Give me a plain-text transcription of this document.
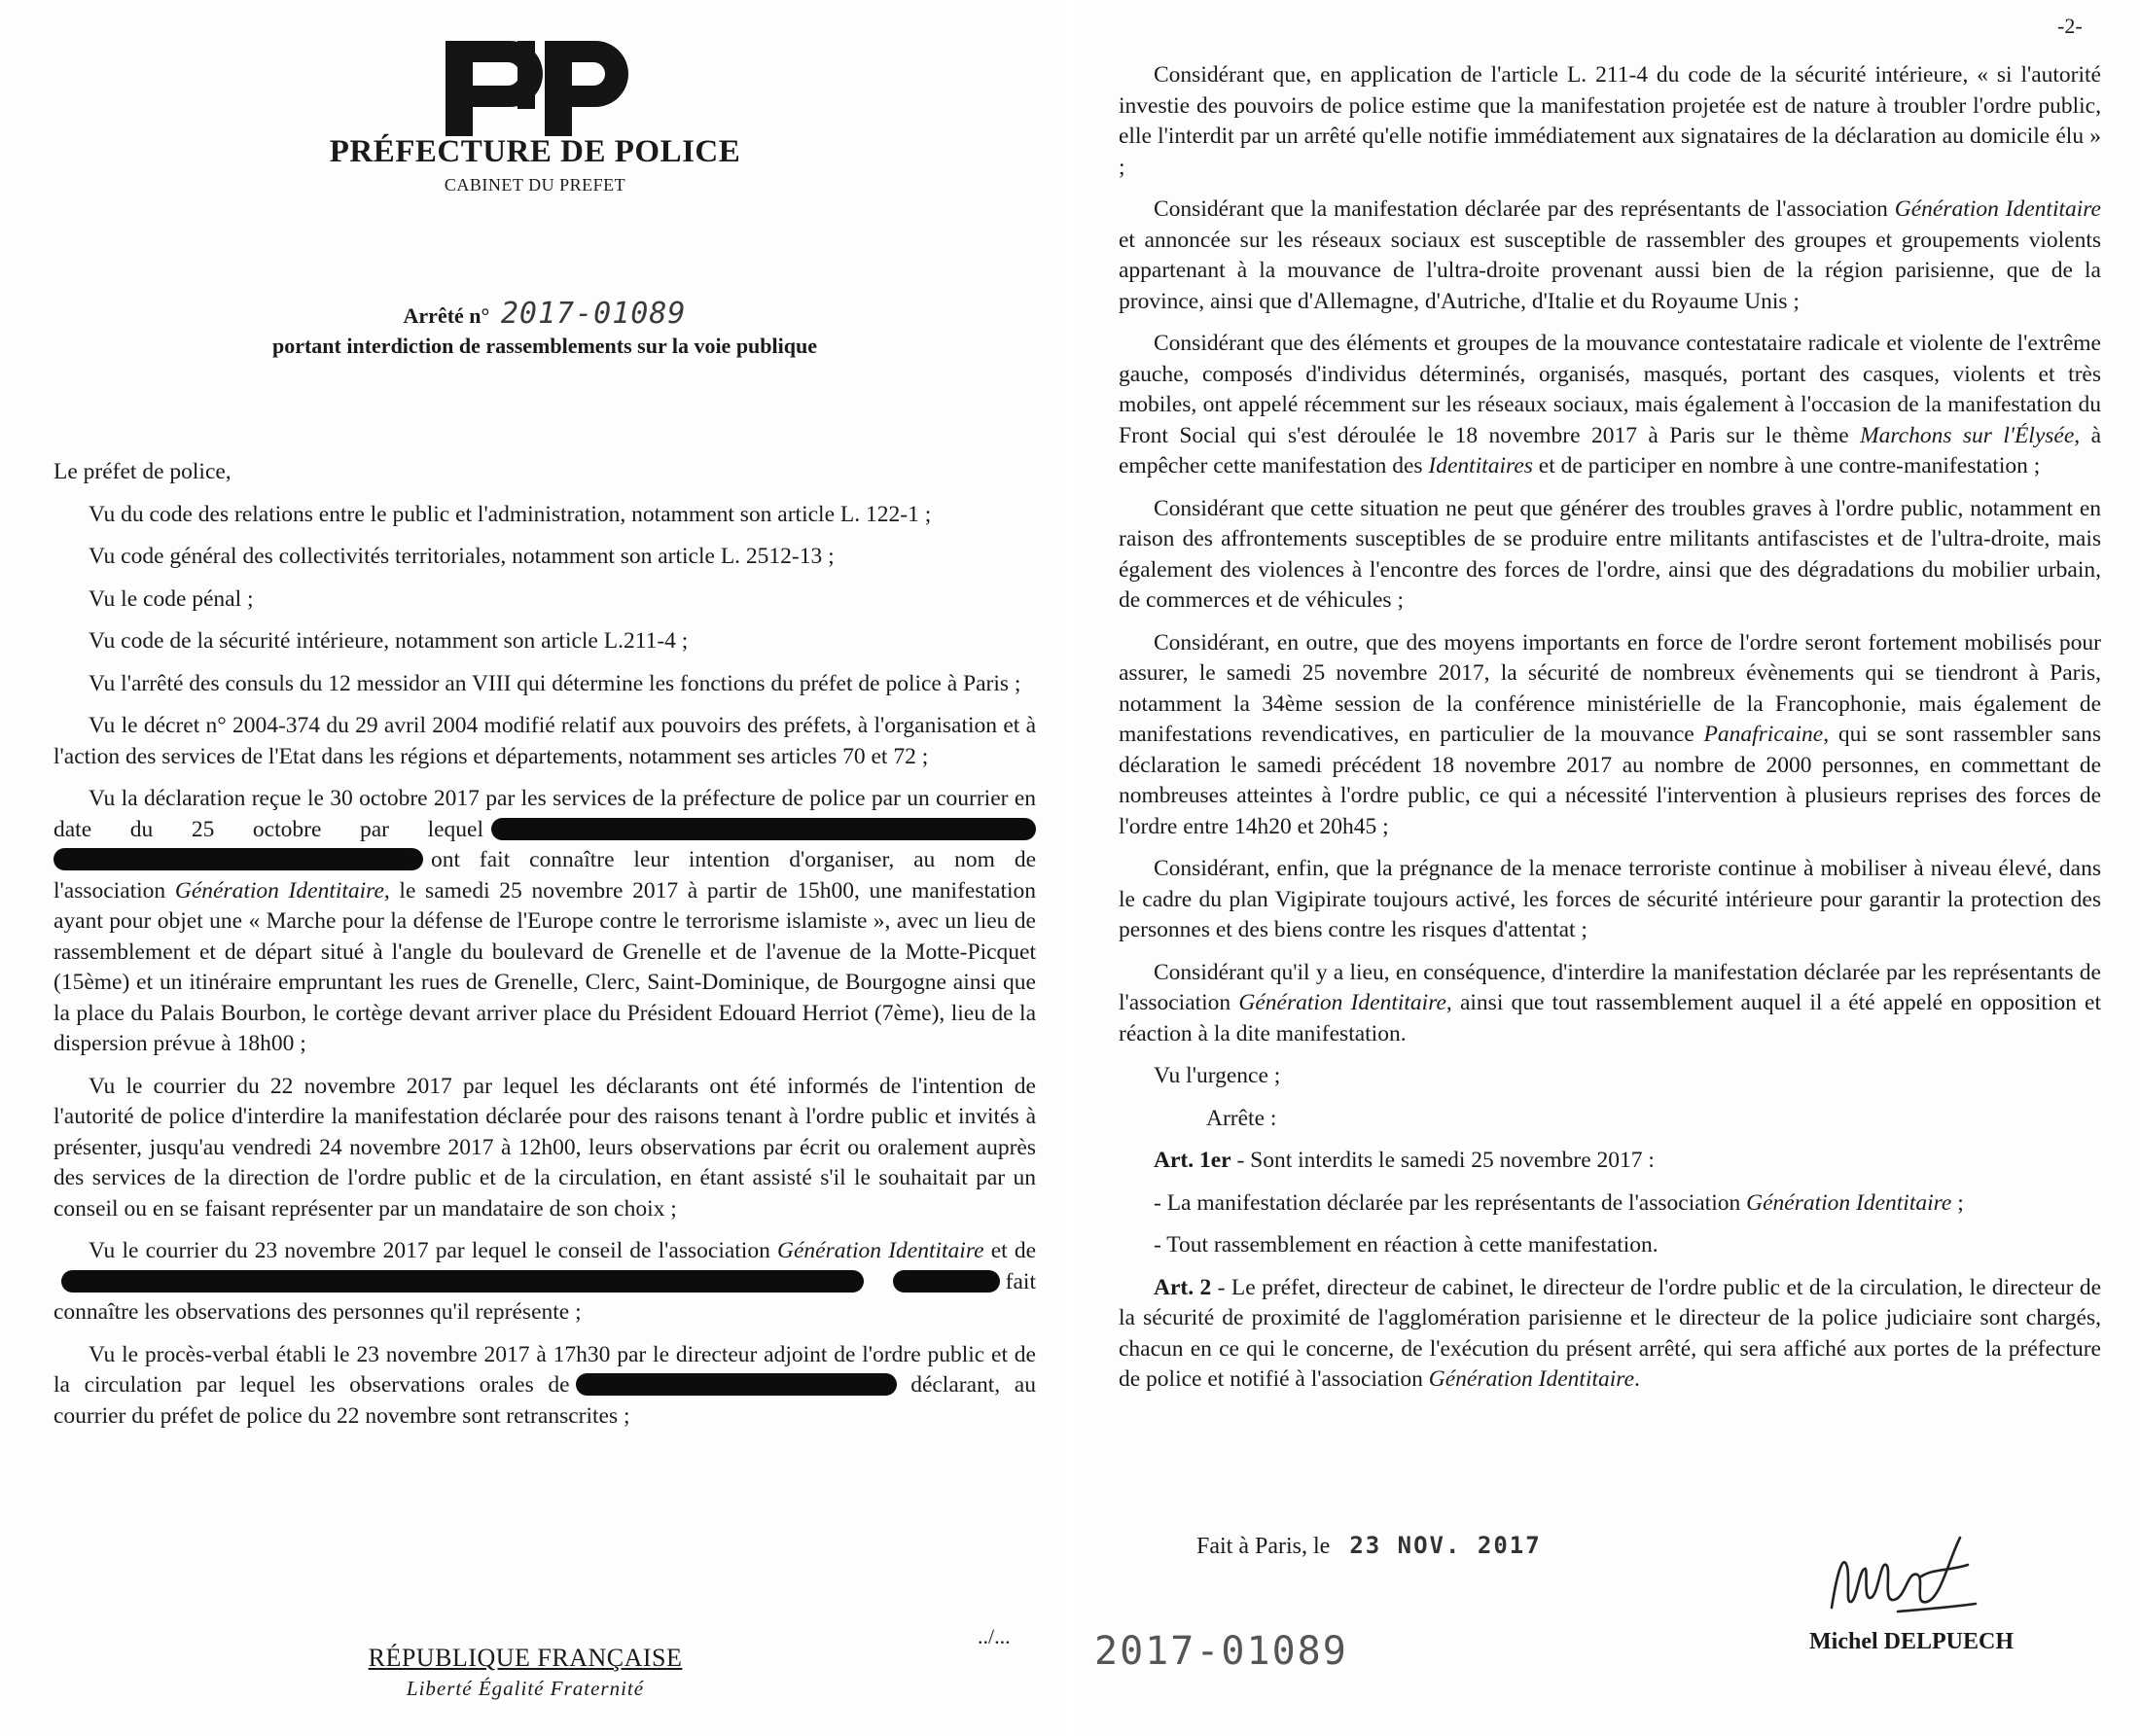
PRÉFECTURE DE POLICE
CABINET DU PREFET
Arrêté n° 2017-01089
portant interdiction de rassemblements sur la voie publique

Le préfet de police,

Vu du code des relations entre le public et l'administration, notamment son article L. 122-1 ;

Vu code général des collectivités territoriales, notamment son article L. 2512-13 ;

Vu le code pénal ;

Vu code de la sécurité intérieure, notamment son article L.211-4 ;

Vu l'arrêté des consuls du 12 messidor an VIII qui détermine les fonctions du préfet de police à Paris ;

Vu le décret n° 2004-374 du 29 avril 2004 modifié relatif aux pouvoirs des préfets, à l'organisation et à l'action des services de l'Etat dans les régions et départements, notamment ses articles 70 et 72 ;

Vu la déclaration reçue le 30 octobre 2017 par les services de la préfecture de police par un courrier en date du 25 octobre par lequel ont fait connaître leur intention d'organiser, au nom de l'association Génération Identitaire, le samedi 25 novembre 2017 à partir de 15h00, une manifestation ayant pour objet une « Marche pour la défense de l'Europe contre le terrorisme islamiste », avec un lieu de rassemblement et de départ situé à l'angle du boulevard de Grenelle et de l'avenue de la Motte-Picquet (15ème) et un itinéraire empruntant les rues de Grenelle, Clerc, Saint-Dominique, de Bourgogne ainsi que la place du Palais Bourbon, le cortège devant arriver place du Président Edouard Herriot (7ème), lieu de la dispersion prévue à 18h00 ;

Vu le courrier du 22 novembre 2017 par lequel les déclarants ont été informés de l'intention de l'autorité de police d'interdire la manifestation déclarée pour des raisons tenant à l'ordre public et invités à présenter, jusqu'au vendredi 24 novembre 2017 à 12h00, leurs observations par écrit ou oralement auprès des services de la direction de l'ordre public et de la circulation, en étant assisté s'il le souhaitait par un conseil ou en se faisant représenter par un mandataire de son choix ;

Vu le courrier du 23 novembre 2017 par lequel le conseil de l'association Génération Identitaire et de fait connaître les observations des personnes qu'il représente ;

Vu le procès-verbal établi le 23 novembre 2017 à 17h30 par le directeur adjoint de l'ordre public et de la circulation par lequel les observations orales de	déclarant, au courrier du préfet de police du 22 novembre sont retranscrites ;

../...
RÉPUBLIQUE FRANÇAISE
Liberté Égalité Fraternité
-2-

Considérant que, en application de l'article L. 211-4 du code de la sécurité intérieure, « si l'autorité investie des pouvoirs de police estime que la manifestation projetée est de nature à troubler l'ordre public, elle l'interdit par un arrêté qu'elle notifie immédiatement aux signataires de la déclaration au domicile élu » ;

Considérant que la manifestation déclarée par des représentants de l'association Génération Identitaire et annoncée sur les réseaux sociaux est susceptible de rassembler des groupes et groupements violents appartenant à la mouvance de l'ultra-droite provenant aussi bien de la région parisienne, que de la province, ainsi que d'Allemagne, d'Autriche, d'Italie et du Royaume Unis ;

Considérant que des éléments et groupes de la mouvance contestataire radicale et violente de l'extrême gauche, composés d'individus déterminés, organisés, masqués, portant des casques, violents et très mobiles, ont appelé récemment sur les réseaux sociaux, mais également à l'occasion de la manifestation du Front Social qui s'est déroulée le 18 novembre 2017 à Paris sur le thème Marchons sur l'Élysée, à empêcher cette manifestation des Identitaires et de participer en nombre à une contre-manifestation ;

Considérant que cette situation ne peut que générer des troubles graves à l'ordre public, notamment en raison des affrontements susceptibles de se produire entre militants antifascistes et de l'ultra-droite, mais également des violences à l'encontre des forces de l'ordre, ainsi que des dégradations du mobilier urbain, de commerces et de véhicules ;

Considérant, en outre, que des moyens importants en force de l'ordre seront fortement mobilisés pour assurer, le samedi 25 novembre 2017, la sécurité de nombreux évènements qui se tiendront à Paris, notamment la 34ème session de la conférence ministérielle de la Francophonie, mais également de manifestations revendicatives, en particulier de la mouvance Panafricaine, qui se sont rassembler sans déclaration le samedi précédent 18 novembre 2017 au nombre de 2000 personnes, en commettant de nombreuses atteintes à l'ordre public, ce qui a nécessité l'intervention à plusieurs reprises des forces de l'ordre entre 14h20 et 20h45 ;

Considérant, enfin, que la prégnance de la menace terroriste continue à mobiliser à niveau élevé, dans le cadre du plan Vigipirate toujours activé, les forces de sécurité intérieure pour garantir la protection des personnes et des biens contre les risques d'attentat ;

Considérant qu'il y a lieu, en conséquence, d'interdire la manifestation déclarée par les représentants de l'association Génération Identitaire, ainsi que tout rassemblement auquel il a été appelé en opposition et réaction à la dite manifestation.

Vu l'urgence ;

Arrête :

Art. 1er - Sont interdits le samedi 25 novembre 2017 :

- La manifestation déclarée par les représentants de l'association Génération Identitaire ;

- Tout rassemblement en réaction à cette manifestation.

Art. 2 - Le préfet, directeur de cabinet, le directeur de l'ordre public et de la circulation, le directeur de la sécurité de proximité de l'agglomération parisienne et le directeur de la police judiciaire sont chargés, chacun en ce qui le concerne, de l'exécution du présent arrêté, qui sera affiché aux portes de la préfecture de police et notifié à l'association Génération Identitaire.

Fait à Paris, le 23 NOV. 2017
2017-01089	Michel DELPUECH
